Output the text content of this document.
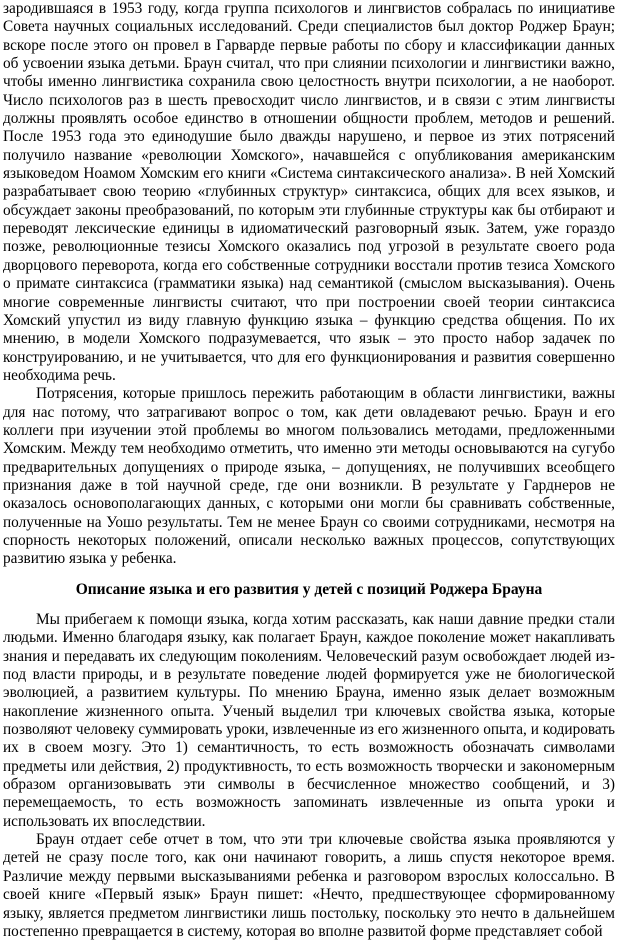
зародившаяся в 1953 году, когда группа психологов и лингвистов собралась по инициативе Совета научных социальных исследований. Среди специалистов был доктор Роджер Браун; вскоре после этого он провел в Гарварде первые работы по сбору и классификации данных об усвоении языка детьми. Браун считал, что при слиянии психологии и лингвистики важно, чтобы именно лингвистика сохранила свою целостность внутри психологии, а не наоборот. Число психологов раз в шесть превосходит число лингвистов, и в связи с этим лингвисты должны проявлять особое единство в отношении общности проблем, методов и решений. После 1953 года это единодушие было дважды нарушено, и первое из этих потрясений получило название «революции Хомского», начавшейся с опубликования американским языковедом Ноамом Хомским его книги «Система синтаксического анализа». В ней Хомский разрабатывает свою теорию «глубинных структур» синтаксиса, общих для всех языков, и обсуждает законы преобразований, по которым эти глубинные структуры как бы отбирают и переводят лексические единицы в идиоматический разговорный язык. Затем, уже гораздо позже, революционные тезисы Хомского оказались под угрозой в результате своего рода дворцового переворота, когда его собственные сотрудники восстали против тезиса Хомского о примате синтаксиса (грамматики языка) над семантикой (смыслом высказывания). Очень многие современные лингвисты считают, что при построении своей теории синтаксиса Хомский упустил из виду главную функцию языка – функцию средства общения. По их мнению, в модели Хомского подразумевается, что язык – это просто набор задачек по конструированию, и не учитывается, что для его функционирования и развития совершенно необходима речь.

Потрясения, которые пришлось пережить работающим в области лингвистики, важны для нас потому, что затрагивают вопрос о том, как дети овладевают речью. Браун и его коллеги при изучении этой проблемы во многом пользовались методами, предложенными Хомским. Между тем необходимо отметить, что именно эти методы основываются на сугубо предварительных допущениях о природе языка, – допущениях, не получивших всеобщего признания даже в той научной среде, где они возникли. В результате у Гарднеров не оказалось основополагающих данных, с которыми они могли бы сравнивать собственные, полученные на Уошо результаты. Тем не менее Браун со своими сотрудниками, несмотря на спорность некоторых положений, описали несколько важных процессов, сопутствующих развитию языка у ребенка.

Описание языка и его развития у детей с позиций Роджера Брауна

Мы прибегаем к помощи языка, когда хотим рассказать, как наши давние предки стали людьми. Именно благодаря языку, как полагает Браун, каждое поколение может накапливать знания и передавать их следующим поколениям. Человеческий разум освобождает людей из-под власти природы, и в результате поведение людей формируется уже не биологической эволюцией, а развитием культуры. По мнению Брауна, именно язык делает возможным накопление жизненного опыта. Ученый выделил три ключевых свойства языка, которые позволяют человеку суммировать уроки, извлеченные из его жизненного опыта, и кодировать их в своем мозгу. Это 1) семантичность, то есть возможность обозначать символами предметы или действия, 2) продуктивность, то есть возможность творчески и закономерным образом организовывать эти символы в бесчисленное множество сообщений, и 3) перемещаемость, то есть возможность запоминать извлеченные из опыта уроки и использовать их впоследствии.

Браун отдает себе отчет в том, что эти три ключевые свойства языка проявляются у детей не сразу после того, как они начинают говорить, а лишь спустя некоторое время. Различие между первыми высказываниями ребенка и разговором взрослых колоссально. В своей книге «Первый язык» Браун пишет: «Нечто, предшествующее сформированному языку, является предметом лингвистики лишь постольку, поскольку это нечто в дальнейшем постепенно превращается в систему, которая во вполне развитой форме представляет собой
